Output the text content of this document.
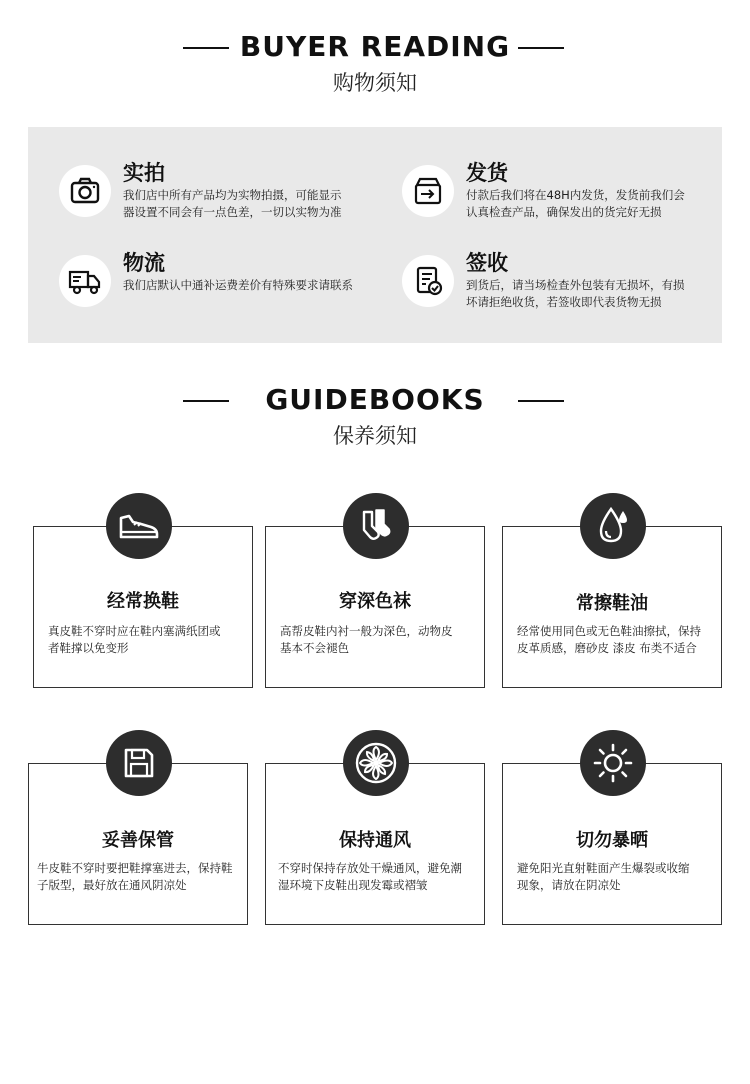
BUYER READING
购物须知
实拍
我们店中所有产品均为实物拍摄，可能显示
器设置不同会有一点色差，一切以实物为准
发货
付款后我们将在48H内发货，发货前我们会
认真检查产品，确保发出的货完好无损
物流
我们店默认中通补运费差价有特殊要求请联系
签收
到货后，请当场检查外包装有无损坏，有损
坏请拒绝收货，若签收即代表货物无损
GUIDEBOOKS
保养须知
经常换鞋
真皮鞋不穿时应在鞋内塞满纸团或
者鞋撑以免变形
穿深色袜
高帮皮鞋内衬一般为深色，动物皮
基本不会褪色
常擦鞋油
经常使用同色或无色鞋油擦拭，保持
皮革质感，磨砂皮 漆皮 布类不适合
妥善保管
牛皮鞋不穿时要把鞋撑塞进去，保持鞋
子版型，最好放在通风阴凉处
保持通风
不穿时保持存放处干燥通风，避免潮
湿环境下皮鞋出现发霉或褶皱
切勿暴晒
避免阳光直射鞋面产生爆裂或收缩
现象，请放在阴凉处
